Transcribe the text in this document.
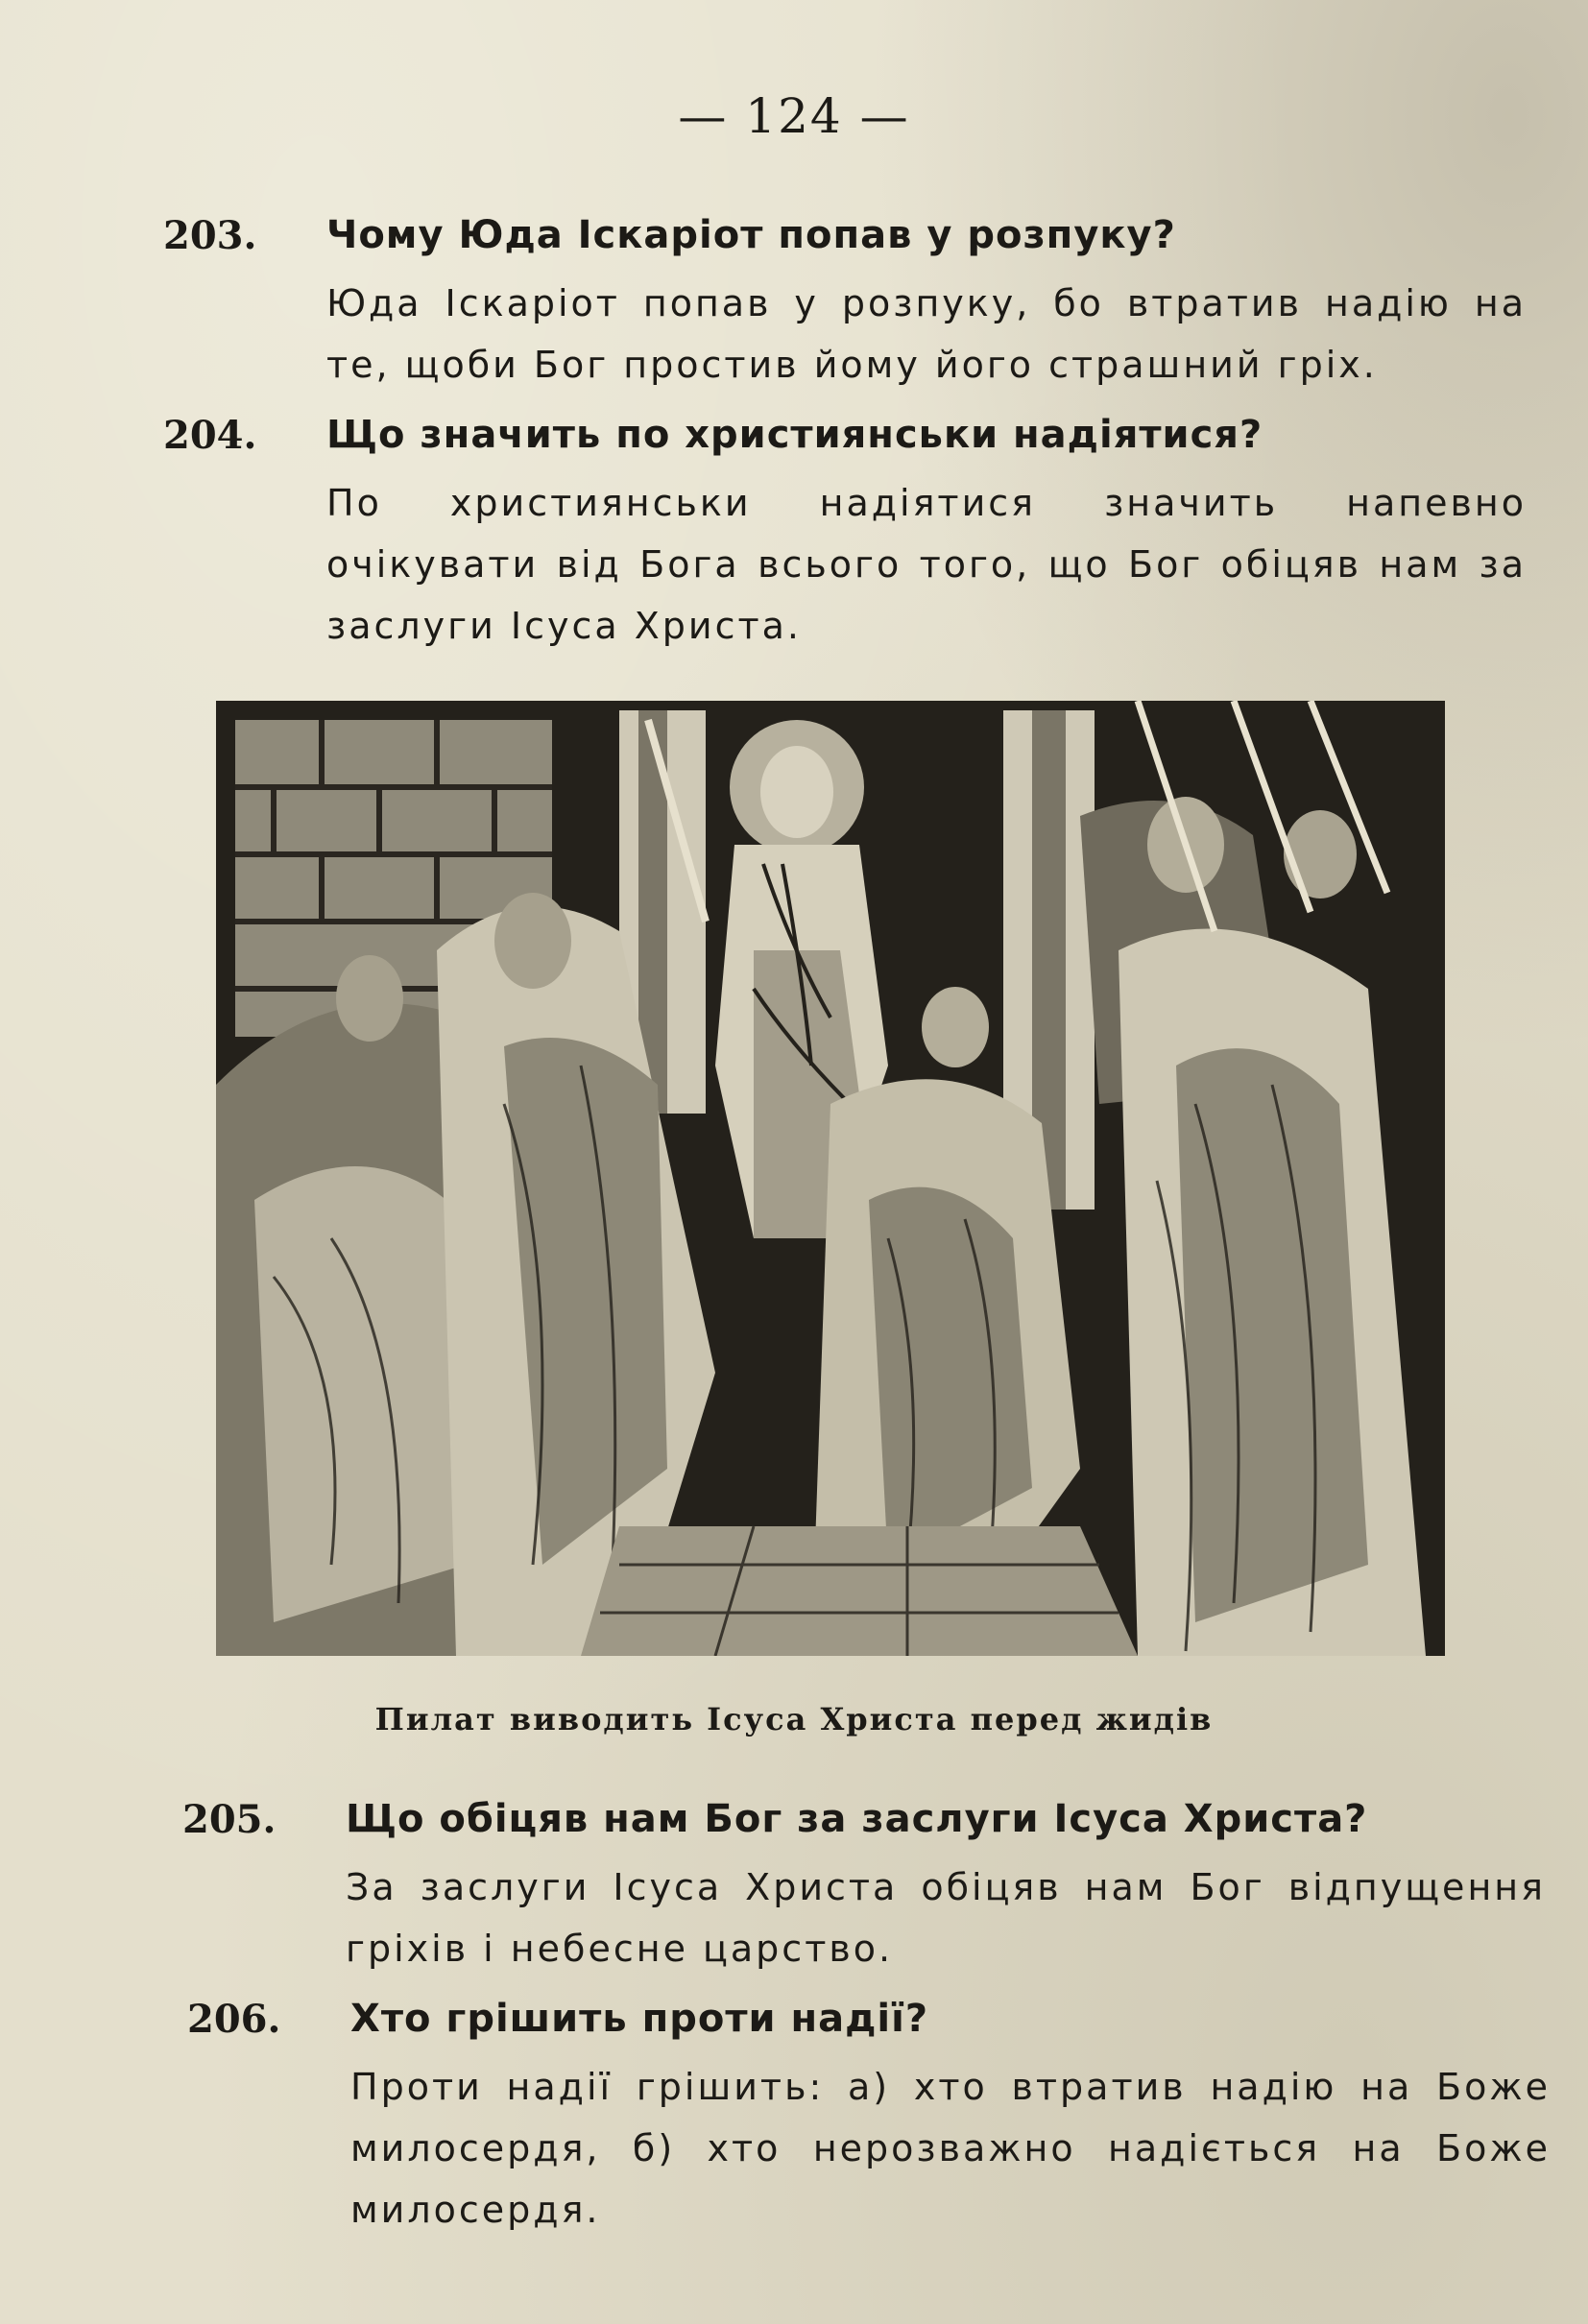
— 124 —
203. Чому Юда Іскаріот попав у розпуку?
Юда Іскаріот попав у розпуку, бо втратив надію на те, щоби Бог простив йому його страшний гріх.
204. Що значить по християнськи надіятися?
По християнськи надіятися значить напевно очікувати від Бога всього того, що Бог обіцяв нам за заслуги Ісуса Христа.
Пилат виводить Ісуса Христа перед жидів
205. Що обіцяв нам Бог за заслуги Ісуса Христа?
За заслуги Ісуса Христа обіцяв нам Бог відпущення гріхів і небесне царство.
206. Хто грішить проти надії?
Проти надії грішить: а) хто втратив надію на Боже милосердя, б) хто нерозважно надіється на Боже милосердя.
